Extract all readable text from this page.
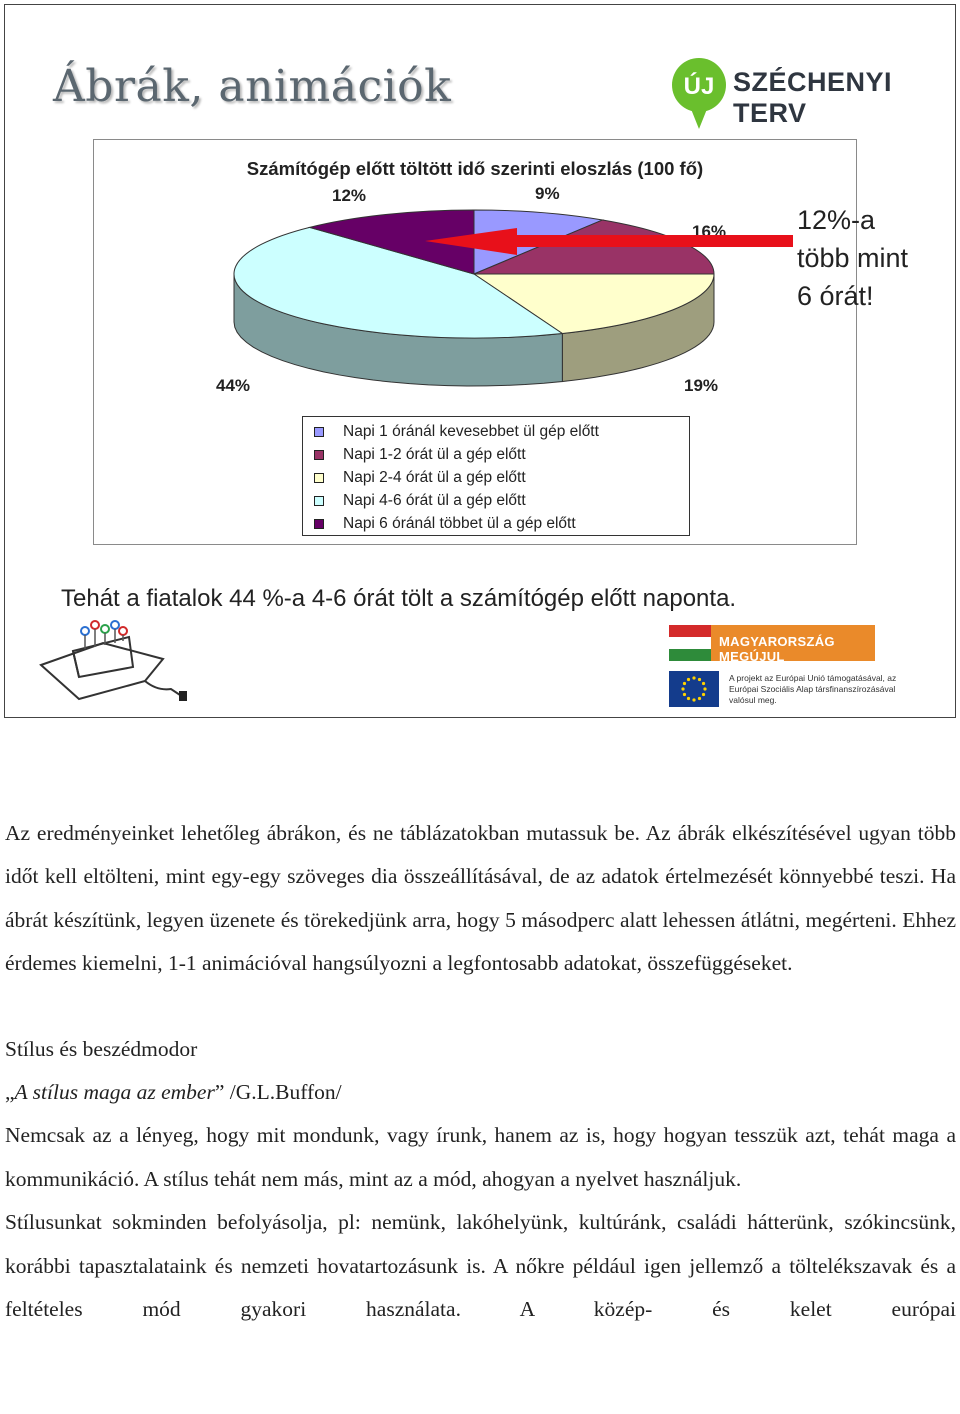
Ábrák, animációk	ÚJ SZÉCHENYI TERV
Számítógép előtt töltött idő szerinti eloszlás (100 fő)
9%
16%
19%
44%
12%
Napi 1 óránál kevesebbet ül gép előtt
Napi 1-2 órát ül a gép előtt
Napi 2-4 órát ül a gép előtt
Napi 4-6 órát ül a gép előtt
Napi 6 óránál többet ül a gép előtt
12%-a
több mint
6 órát!
Tehát a fiatalok 44 %-a 4-6 órát tölt a számítógép előtt naponta.
MAGYARORSZÁG MEGÚJUL
A projekt az Európai Unió támogatásával, az Európai Szociális Alap társfinanszírozásával valósul meg.

Az eredményeinket lehetőleg ábrákon, és ne táblázatokban mutassuk be. Az ábrák elkészítésével ugyan több időt kell eltölteni, mint egy-egy szöveges dia összeállításával, de az adatok értelmezését könnyebbé teszi. Ha ábrát készítünk, legyen üzenete és törekedjünk arra, hogy 5 másodperc alatt lehessen átlátni, megérteni. Ehhez érdemes kiemelni, 1-1 animációval hangsúlyozni a legfontosabb adatokat, összefüggéseket.

Stílus és beszédmodor

„A stílus maga az ember” /G.L.Buffon/

Nemcsak az a lényeg, hogy mit mondunk, vagy írunk, hanem az is, hogy hogyan tesszük azt, tehát maga a kommunikáció. A stílus tehát nem más, mint az a mód, ahogyan a nyelvet használjuk.

Stílusunkat sokminden befolyásolja, pl: nemünk, lakóhelyünk, kultúránk, családi hátterünk, szókincsünk, korábbi tapasztalataink és nemzeti hovatartozásunk is. A nőkre például igen jellemző a töltelékszavak és a feltételes mód gyakori használata. A közép- és kelet európai
